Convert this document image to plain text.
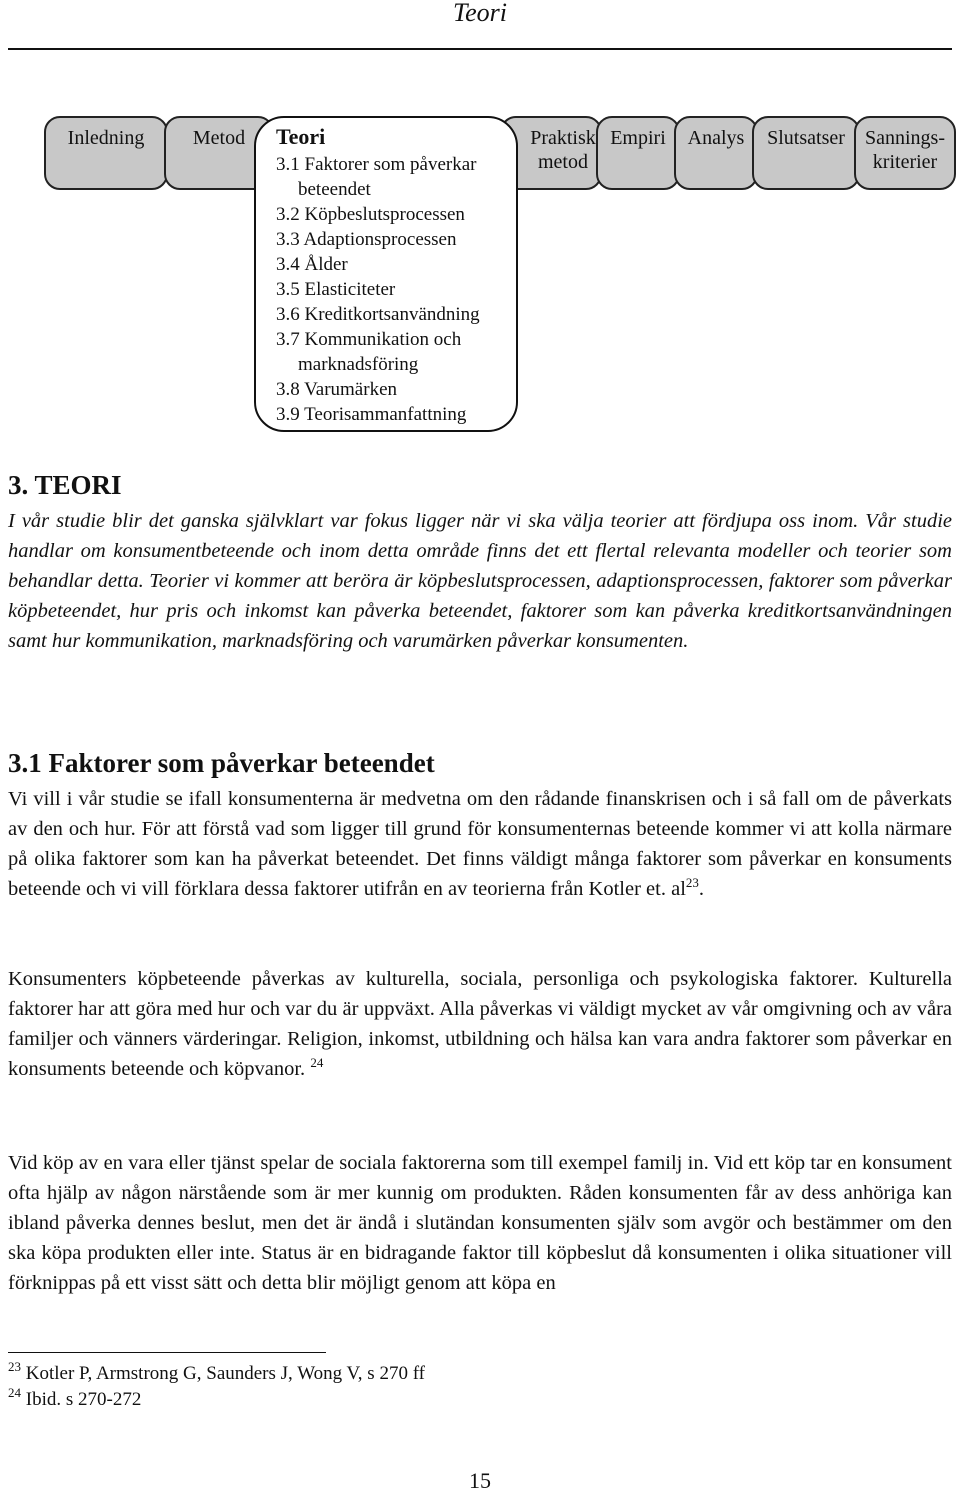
Teori
Inledning	Metod	Praktisk metod
Empiri	Analys	Slutsatser	Sannings-kriterier
Teori
3.1 Faktorer som påverkar
beteendet
3.2 Köpbeslutsprocessen
3.3 Adaptionsprocessen
3.4 Ålder
3.5 Elasticiteter
3.6 Kreditkortsanvändning
3.7 Kommunikation och
marknadsföring
3.8 Varumärken
3.9 Teorisammanfattning
3. TEORI
I vår studie blir det ganska självklart var fokus ligger när vi ska välja teorier att fördjupa oss inom. Vår studie handlar om konsumentbeteende och inom detta område finns det ett flertal relevanta modeller och teorier som behandlar detta. Teorier vi kommer att beröra är köpbeslutsprocessen, adaptionsprocessen, faktorer som påverkar köpbeteendet, hur pris och inkomst kan påverka beteendet, faktorer som kan påverka kreditkortsanvändningen samt hur kommunikation, marknadsföring och varumärken påverkar konsumenten.
3.1 Faktorer som påverkar beteendet
Vi vill i vår studie se ifall konsumenterna är medvetna om den rådande finanskrisen och i så fall om de påverkats av den och hur. För att förstå vad som ligger till grund för konsumenternas beteende kommer vi att kolla närmare på olika faktorer som kan ha påverkat beteendet. Det finns väldigt många faktorer som påverkar en konsuments beteende och vi vill förklara dessa faktorer utifrån en av teorierna från Kotler et. $al^{23}$.
Konsumenters köpbeteende påverkas av kulturella, sociala, personliga och psykologiska faktorer. Kulturella faktorer har att göra med hur och var du är uppväxt. Alla påverkas vi väldigt mycket av vår omgivning och av våra familjer och vänners värderingar. Religion, inkomst, utbildning och hälsa kan vara andra faktorer som påverkar en konsuments beteende och köpvanor. $^{24}$
Vid köp av en vara eller tjänst spelar de sociala faktorerna som till exempel familj in. Vid ett köp tar en konsument ofta hjälp av någon närstående som är mer kunnig om produkten. Råden konsumenten får av dess anhöriga kan ibland påverka dennes beslut, men det är ändå i slutändan konsumenten själv som avgör och bestämmer om den ska köpa produkten eller inte. Status är en bidragande faktor till köpbeslut då konsumenten i olika situationer vill förknippas på ett visst sätt och detta blir möjligt genom att köpa en
$^{23}$ Kotler P, Armstrong G, Saunders J, Wong V, s 270 ff
$^{24}$ Ibid. s 270-272
15
